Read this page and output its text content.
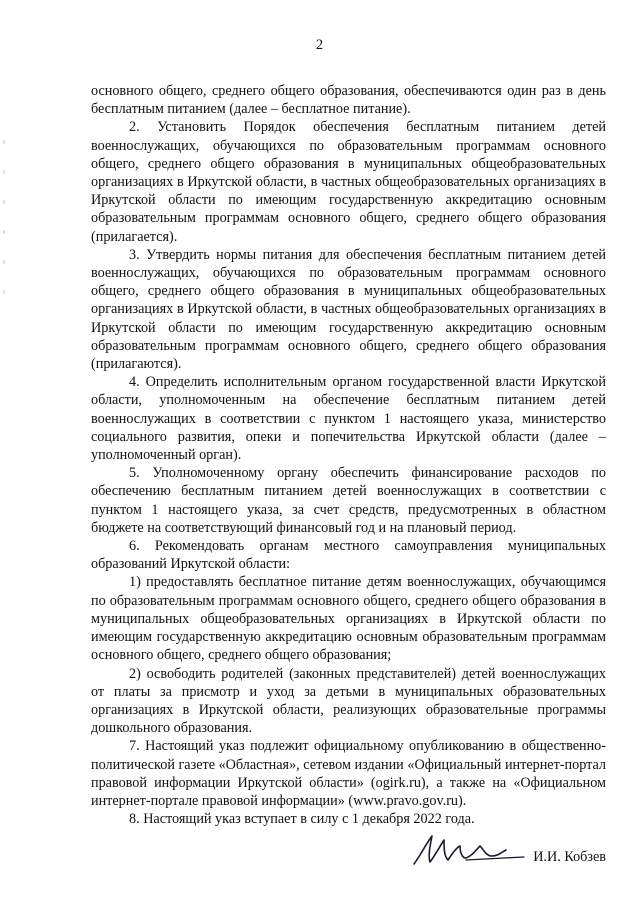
2

основного общего, среднего общего образования, обеспечиваются один раз в день бесплатным питанием (далее – бесплатное питание).

2. Установить Порядок обеспечения бесплатным питанием детей военнослужащих, обучающихся по образовательным программам основного общего, среднего общего образования в муниципальных общеобразовательных организациях в Иркутской области, в частных общеобразовательных организациях в Иркутской области по имеющим государственную аккредитацию основным образовательным программам основного общего, среднего общего образования (прилагается).

3. Утвердить нормы питания для обеспечения бесплатным питанием детей военнослужащих, обучающихся по образовательным программам основного общего, среднего общего образования в муниципальных общеобразовательных организациях в Иркутской области, в частных общеобразовательных организациях в Иркутской области по имеющим государственную аккредитацию основным образовательным программам основного общего, среднего общего образования (прилагаются).

4. Определить исполнительным органом государственной власти Иркутской области, уполномоченным на обеспечение бесплатным питанием детей военнослужащих в соответствии с пунктом 1 настоящего указа, министерство социального развития, опеки и попечительства Иркутской области (далее – уполномоченный орган).

5. Уполномоченному органу обеспечить финансирование расходов по обеспечению бесплатным питанием детей военнослужащих в соответствии с пунктом 1 настоящего указа, за счет средств, предусмотренных в областном бюджете на соответствующий финансовый год и на плановый период.

6. Рекомендовать органам местного самоуправления муниципальных образований Иркутской области:

1) предоставлять бесплатное питание детям военнослужащих, обучающимся по образовательным программам основного общего, среднего общего образования в муниципальных общеобразовательных организациях в Иркутской области по имеющим государственную аккредитацию основным образовательным программам основного общего, среднего общего образования;

2) освободить родителей (законных представителей) детей военнослужащих от платы за присмотр и уход за детьми в муниципальных образовательных организациях в Иркутской области, реализующих образовательные программы дошкольного образования.

7. Настоящий указ подлежит официальному опубликованию в общественно-политической газете «Областная», сетевом издании «Официальный интернет-портал правовой информации Иркутской области» (ogirk.ru), а также на «Официальном интернет-портале правовой информации» (www.pravo.gov.ru).

8. Настоящий указ вступает в силу с 1 декабря 2022 года.

И.И. Кобзев
